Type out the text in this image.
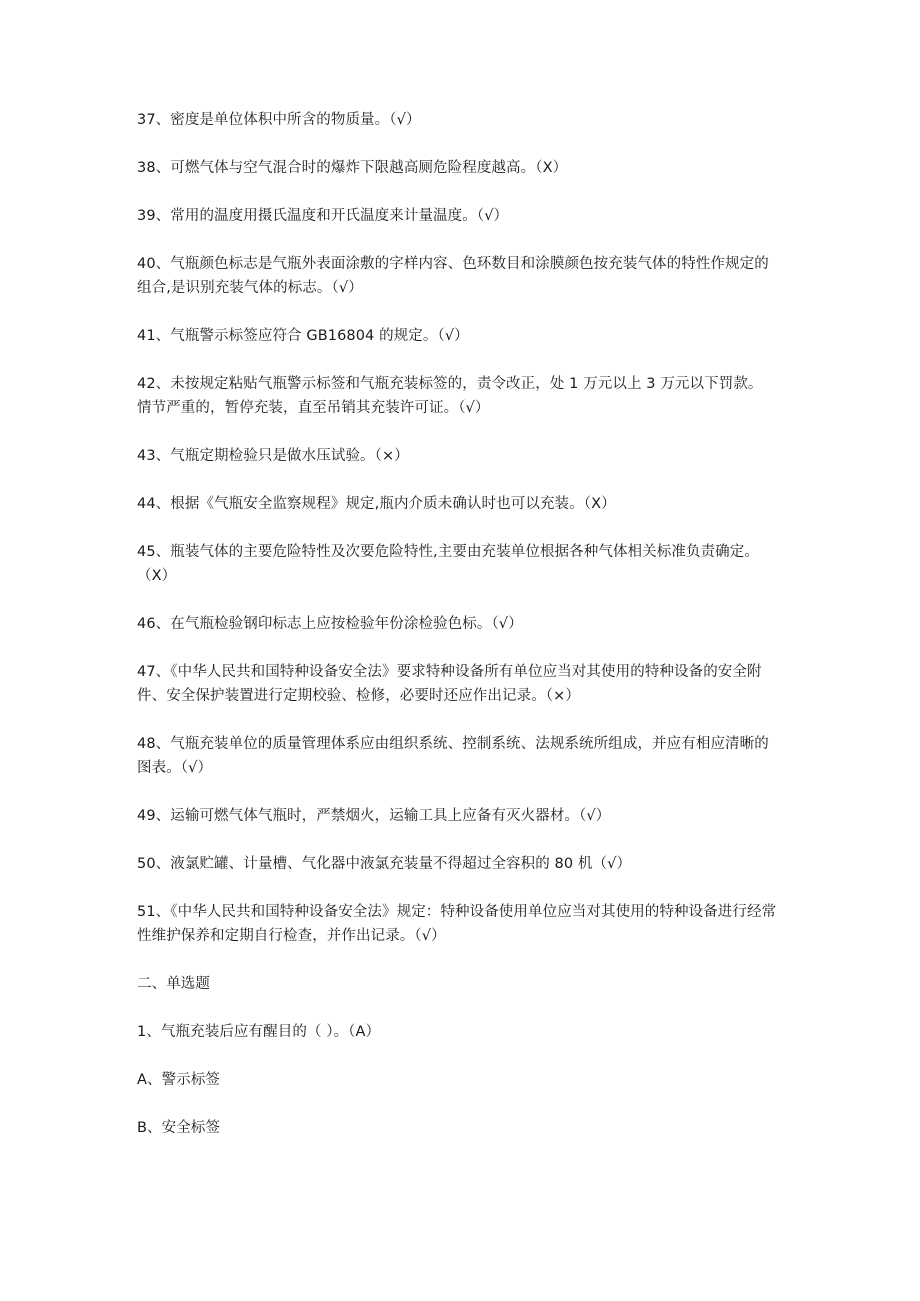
37、密度是单位体积中所含的物质量。（√）

38、可燃气体与空气混合时的爆炸下限越高厕危险程度越高。（X）

39、常用的温度用摄氏温度和开氏温度来计量温度。（√）

40、气瓶颜色标志是气瓶外表面涂敷的字样内容、色环数目和涂膜颜色按充装气体的特性作规定的组合,是识别充装气体的标志。（√）

41、气瓶警示标签应符合 GB16804 的规定。（√）

42、未按规定粘贴气瓶警示标签和气瓶充装标签的，责令改正，处 1 万元以上 3 万元以下罚款。情节严重的，暂停充装，直至吊销其充装许可证。（√）

43、气瓶定期检验只是做水压试验。（×）

44、根据《气瓶安全监察规程》规定,瓶内介质未确认时也可以充装。（X）

45、瓶装气体的主要危险特性及次要危险特性,主要由充装单位根据各种气体相关标准负责确定。（X）

46、在气瓶检验钢印标志上应按检验年份涂检验色标。（√）

47、《中华人民共和国特种设备安全法》要求特种设备所有单位应当对其使用的特种设备的安全附件、安全保护装置进行定期校验、检修，必要时还应作出记录。（×）

48、气瓶充装单位的质量管理体系应由组织系统、控制系统、法规系统所组成，并应有相应清晰的图表。（√）

49、运输可燃气体气瓶时，严禁烟火，运输工具上应备有灭火器材。（√）

50、液氯贮罐、计量槽、气化器中液氯充装量不得超过全容积的 80 机（√）

51、《中华人民共和国特种设备安全法》规定：特种设备使用单位应当对其使用的特种设备进行经常性维护保养和定期自行检查，并作出记录。（√）

二、单选题

1、气瓶充装后应有醒目的（ ）。（A）

A、警示标签

B、安全标签
